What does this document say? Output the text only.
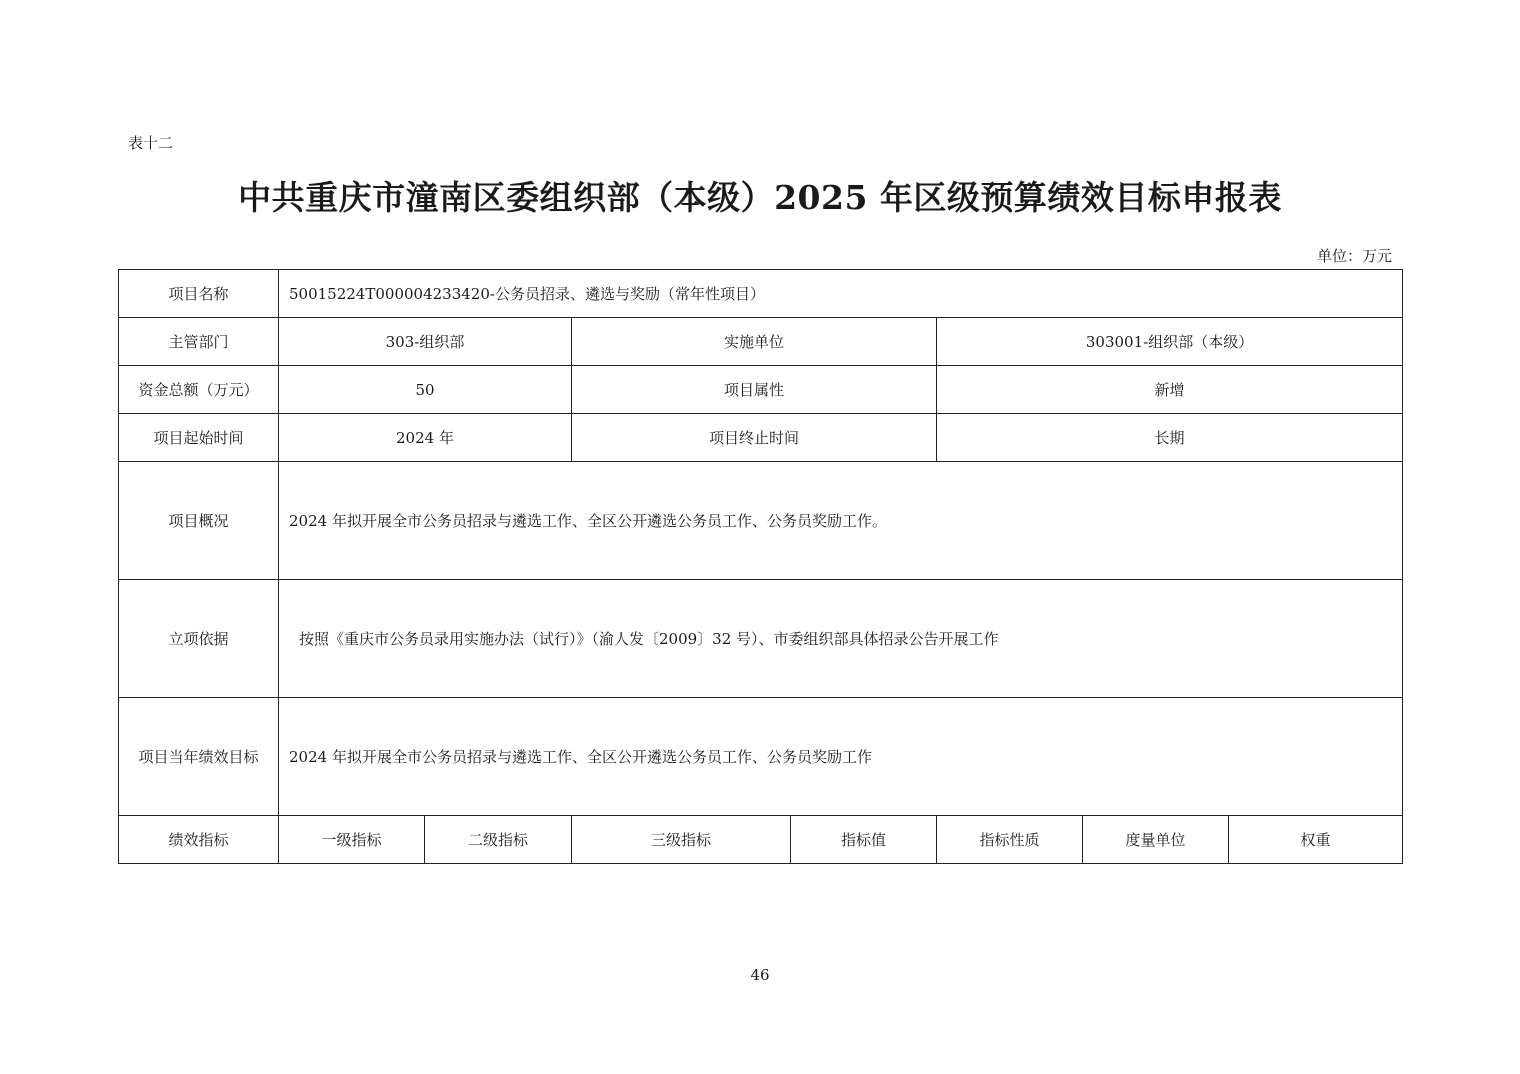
表十二
中共重庆市潼南区委组织部（本级）2025 年区级预算绩效目标申报表
单位：万元
项目名称	50015224T000004233420-公务员招录、遴选与奖励（常年性项目）						
主管部门	303-组织部		实施单位		303001-组织部（本级）		
资金总额（万元）	50		项目属性		新增		
项目起始时间	2024 年		项目终止时间		长期		
项目概况	2024 年拟开展全市公务员招录与遴选工作、全区公开遴选公务员工作、公务员奖励工作。						
立项依据	按照《重庆市公务员录用实施办法（试行）》（渝人发〔2009〕32 号）、市委组织部具体招录公告开展工作						
项目当年绩效目标	2024 年拟开展全市公务员招录与遴选工作、全区公开遴选公务员工作、公务员奖励工作						
绩效指标	一级指标	二级指标	三级指标	指标值	指标性质	度量单位	权重
46
